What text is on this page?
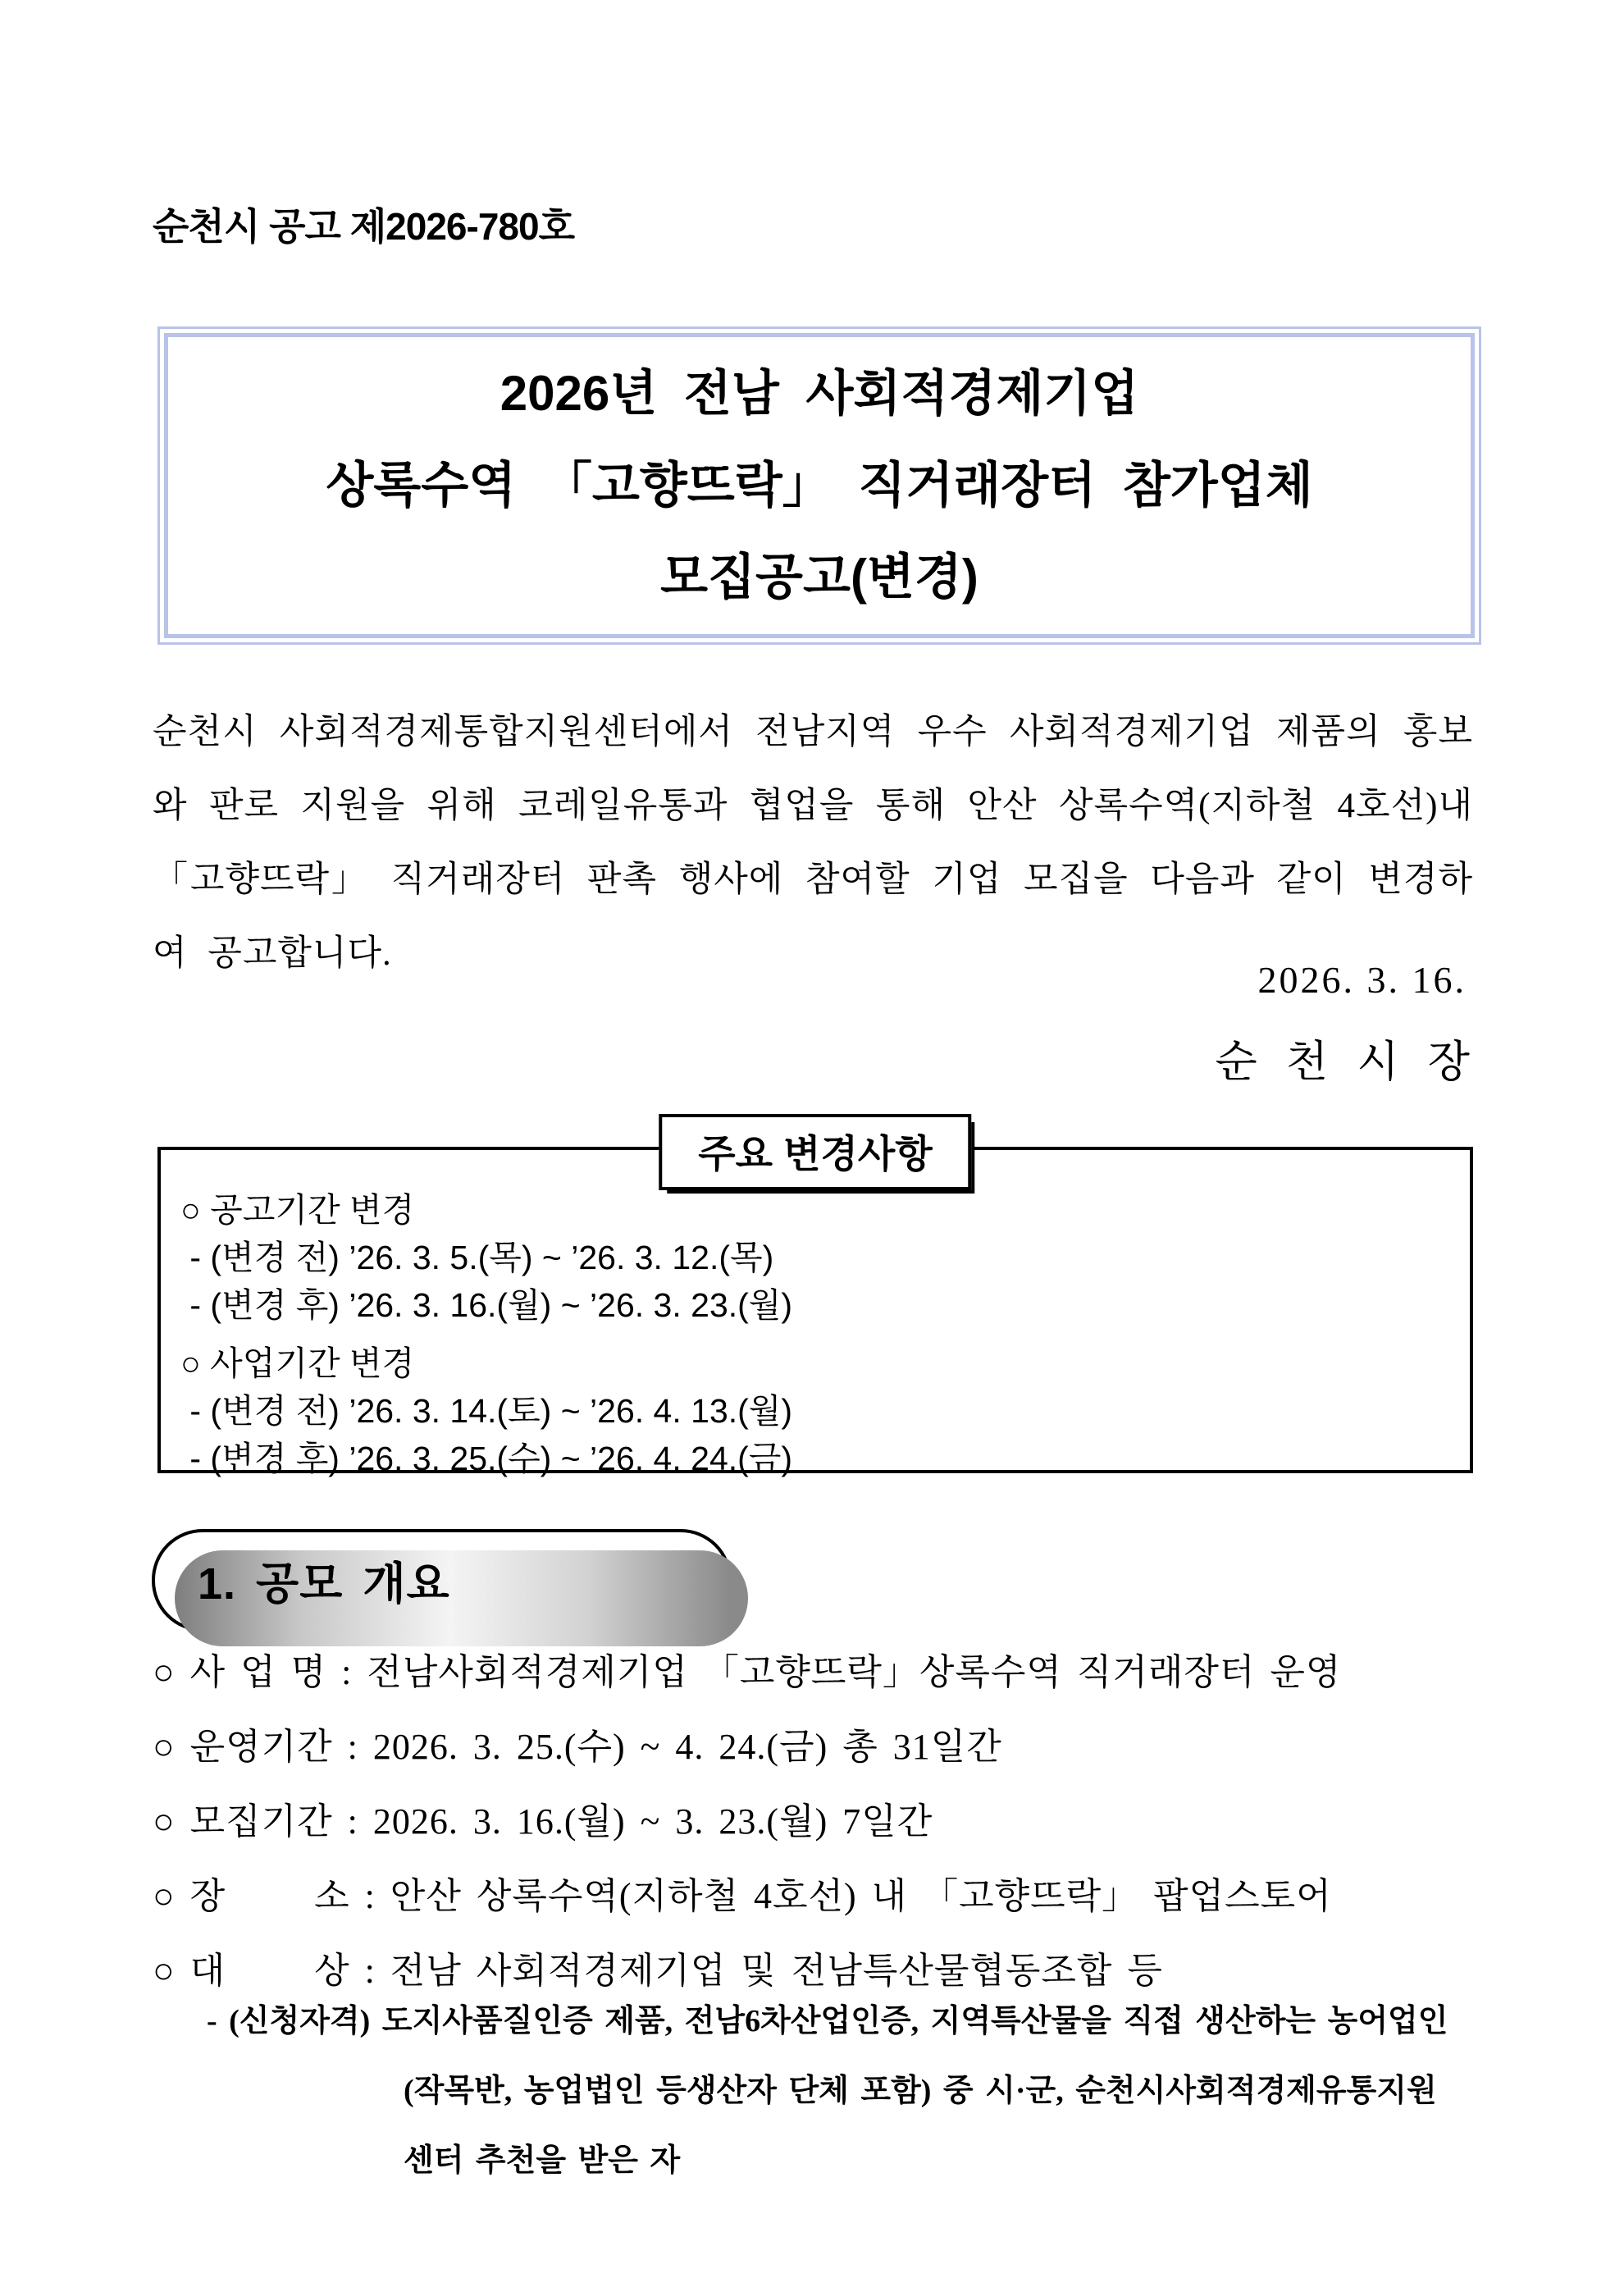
순천시 공고 제2026-780호
2026년 전남 사회적경제기업
상록수역 「고향뜨락」 직거래장터 참가업체
모집공고(변경)

순천시 사회적경제통합지원센터에서 전남지역 우수 사회적경제기업 제품의 홍보와 판로 지원을 위해 코레일유통과 협업을 통해 안산 상록수역(지하철 4호선)내 「고향뜨락」 직거래장터 판촉 행사에 참여할 기업 모집을 다음과 같이 변경하여 공고합니다.

2026. 3. 16.
순 천 시 장
주요 변경사항
○ 공고기간 변경
- (변경 전) ’26. 3. 5.(목) ~ ’26. 3. 12.(목)
- (변경 후) ’26. 3. 16.(월) ~ ’26. 3. 23.(월)
○ 사업기간 변경
- (변경 전) ’26. 3. 14.(토) ~ ’26. 4. 13.(월)
- (변경 후) ’26. 3. 25.(수) ~ ’26. 4. 24.(금)
1. 공모 개요
○ 사 업 명 : 전남사회적경제기업 「고향뜨락」상록수역 직거래장터 운영
○ 운영기간 : 2026. 3. 25.(수) ~ 4. 24.(금) 총 31일간
○ 모집기간 : 2026. 3. 16.(월) ~ 3. 23.(월) 7일간
○ 장      소 : 안산 상록수역(지하철 4호선) 내 「고향뜨락」 팝업스토어
○ 대      상 : 전남 사회적경제기업 및 전남특산물협동조합 등
- (신청자격) 도지사품질인증 제품, 전남6차산업인증, 지역특산물을 직접 생산하는 농어업인
(작목반, 농업법인 등생산자 단체 포함) 중 시·군, 순천시사회적경제유통지원
센터 추천을 받은 자
